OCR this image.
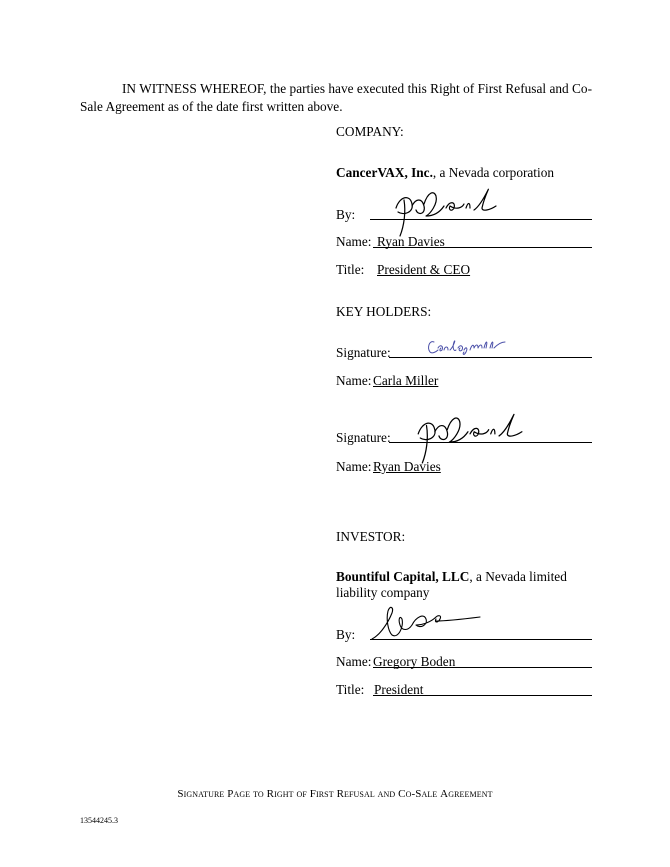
IN WITNESS WHEREOF, the parties have executed this Right of First Refusal and Co-Sale Agreement as of the date first written above.

COMPANY:
CancerVAX, Inc., a Nevada corporation
By:
Name: Ryan Davies
Title: President & CEO
KEY HOLDERS:
Signature:
Name: Carla Miller
Signature:
Name: Ryan Davies
INVESTOR:
Bountiful Capital, LLC, a Nevada limited
liability company
By:
Name: Gregory Boden
Title: President
Signature Page to Right of First Refusal and Co-Sale Agreement
13544245.3
